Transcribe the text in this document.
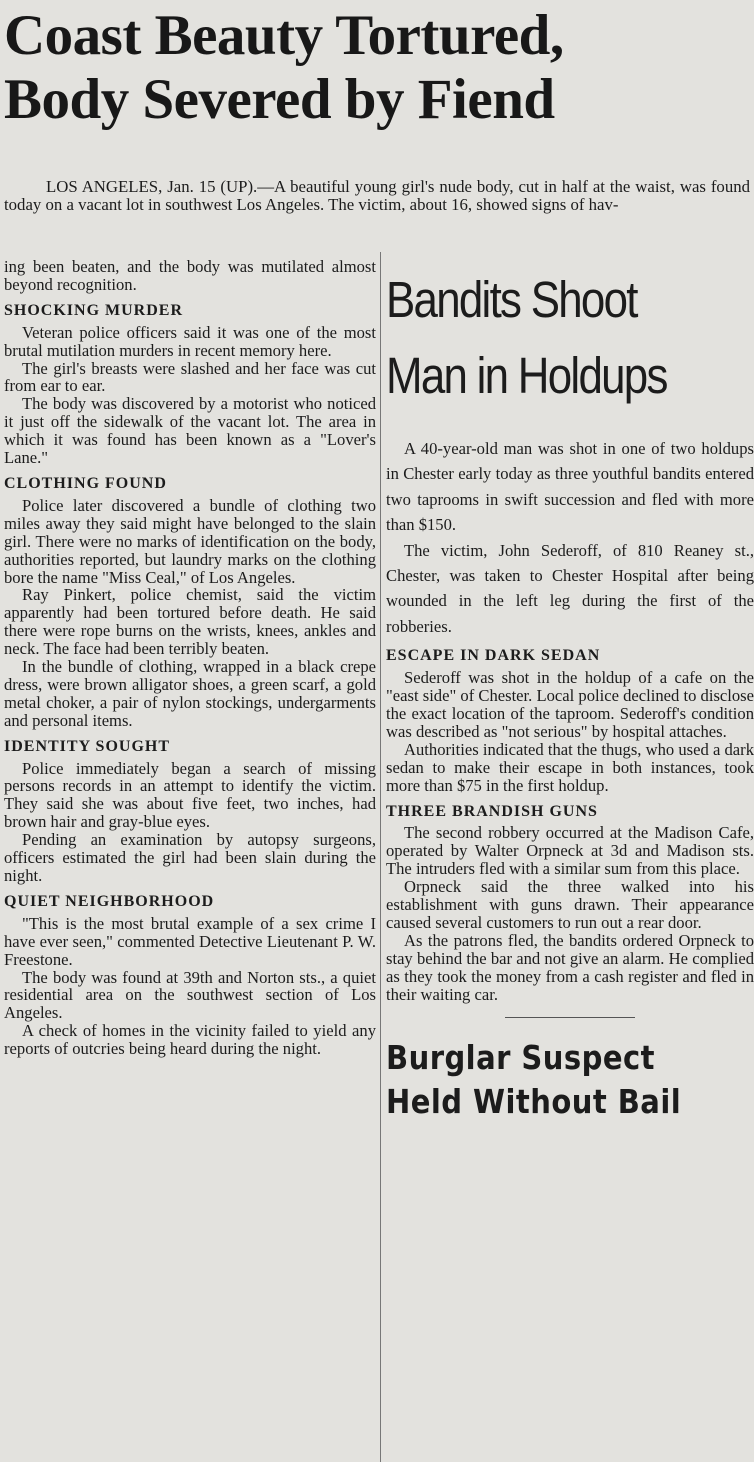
Coast Beauty Tortured,
Body Severed by Fiend

LOS ANGELES, Jan. 15 (UP).—A beautiful young girl's nude body, cut in half at the waist, was found today on a vacant lot in southwest Los Angeles. The victim, about 16, showed signs of hav-

ing been beaten, and the body was mutilated almost beyond recognition.

SHOCKING MURDER

Veteran police officers said it was one of the most brutal mutilation murders in recent memory here.

The girl's breasts were slashed and her face was cut from ear to ear.

The body was discovered by a motorist who noticed it just off the sidewalk of the vacant lot. The area in which it was found has been known as a "Lover's Lane."

CLOTHING FOUND

Police later discovered a bundle of clothing two miles away they said might have belonged to the slain girl. There were no marks of identification on the body, authorities reported, but laundry marks on the clothing bore the name "Miss Ceal," of Los Angeles.

Ray Pinkert, police chemist, said the victim apparently had been tortured before death. He said there were rope burns on the wrists, knees, ankles and neck. The face had been terribly beaten.

In the bundle of clothing, wrapped in a black crepe dress, were brown alligator shoes, a green scarf, a gold metal choker, a pair of nylon stockings, undergarments and personal items.

IDENTITY SOUGHT

Police immediately began a search of missing persons records in an attempt to identify the victim. They said she was about five feet, two inches, had brown hair and gray-blue eyes.

Pending an examination by autopsy surgeons, officers estimated the girl had been slain during the night.

QUIET NEIGHBORHOOD

"This is the most brutal example of a sex crime I have ever seen," commented Detective Lieutenant P. W. Freestone.

The body was found at 39th and Norton sts., a quiet residential area on the southwest section of Los Angeles.

A check of homes in the vicinity failed to yield any reports of outcries being heard during the night.

Bandits Shoot
Man in Holdups

A 40-year-old man was shot in one of two holdups in Chester early today as three youthful bandits entered two taprooms in swift succession and fled with more than $150.

The victim, John Sederoff, of 810 Reaney st., Chester, was taken to Chester Hospital after being wounded in the left leg during the first of the robberies.

ESCAPE IN DARK SEDAN

Sederoff was shot in the holdup of a cafe on the "east side" of Chester. Local police declined to disclose the exact location of the taproom. Sederoff's condition was described as "not serious" by hospital attaches.

Authorities indicated that the thugs, who used a dark sedan to make their escape in both instances, took more than $75 in the first holdup.

THREE BRANDISH GUNS

The second robbery occurred at the Madison Cafe, operated by Walter Orpneck at 3d and Madison sts. The intruders fled with a similar sum from this place.

Orpneck said the three walked into his establishment with guns drawn. Their appearance caused several customers to run out a rear door.

As the patrons fled, the bandits ordered Orpneck to stay behind the bar and not give an alarm. He complied as they took the money from a cash register and fled in their waiting car.

Burglar Suspect
Held Without Bail
